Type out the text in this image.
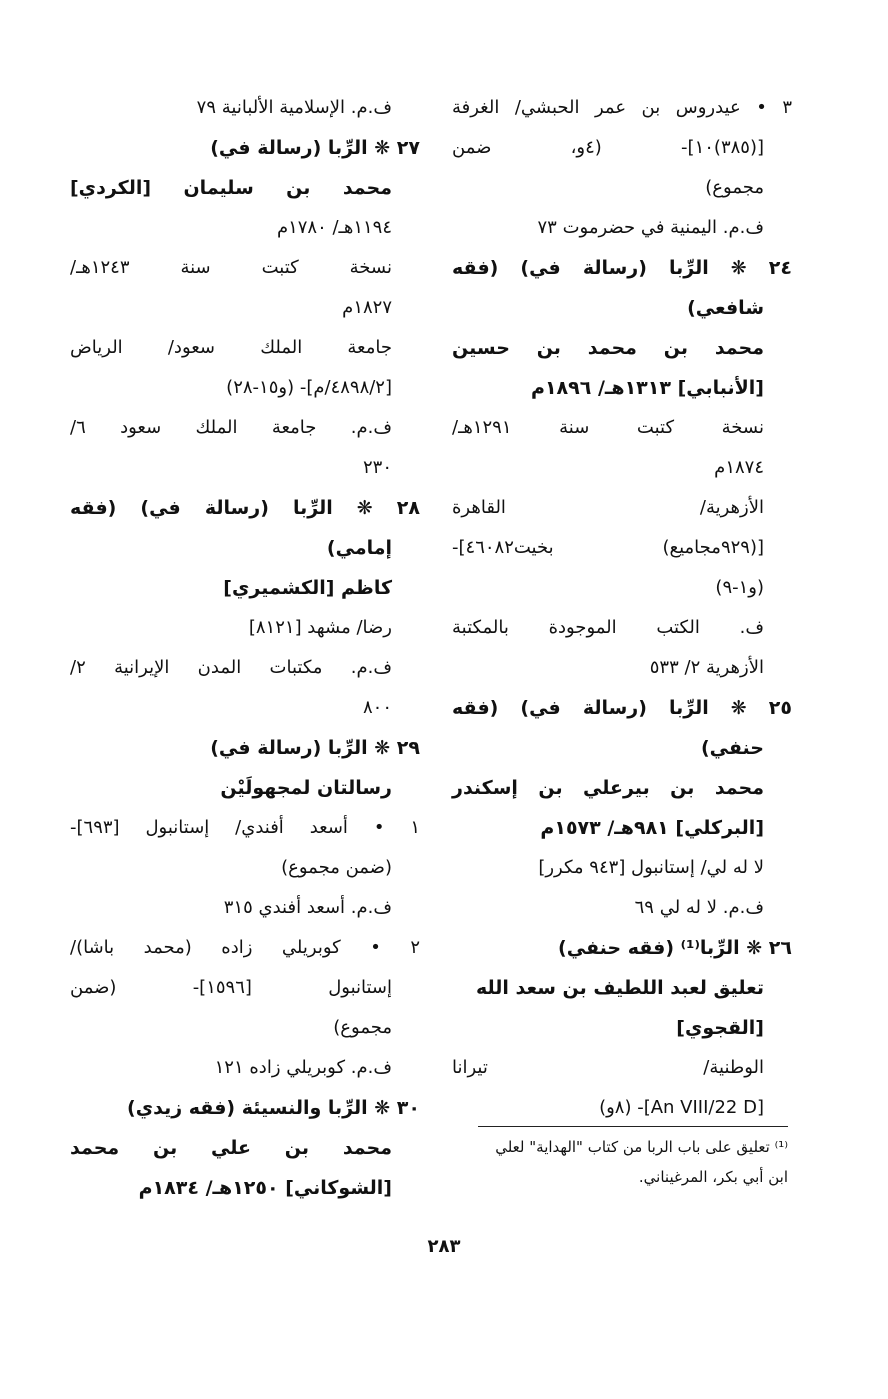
٣ • عيدروس بن عمر الحبشي/ الغرفة
[(٣٨٥)١٠]- (٤و، ضمن
مجموع)
ف.م. اليمنية في حضرموت ٧٣
٢٤ ❋ الرِّبا (رسالة في) (فقه
شافعي)
محمد بن محمد بن حسين
[الأنبابي] ١٣١٣هـ/ ١٨٩٦م
نسخة كتبت سنة ١٢٩١هـ/
١٨٧٤م
الأزهرية/ القاهرة
[(٩٢٩مجاميع) بخيت٤٦٠٨٢]-
(و١-٩)
ف. الكتب الموجودة بالمكتبة
الأزهرية ٢/ ٥٣٣
٢٥ ❋ الرِّبا (رسالة في) (فقه
حنفي)
محمد بن بيرعلي بن إسكندر
[البركلي] ٩٨١هـ/ ١٥٧٣م
لا له لي/ إستانبول [٩٤٣ مكرر]
ف.م. لا له لي ٦٩
٢٦ ❋ الرِّبا⁽¹⁾ (فقه حنفي)
تعليق لعبد اللطيف بن سعد الله
[القجوي]
الوطنية/ تيرانا
[An VIII/22 D]- (٨و)
ف.م. الإسلامية الألبانية ٧٩
٢٧ ❋ الرِّبا (رسالة في)
محمد بن سليمان [الكردي]
١١٩٤هـ/ ١٧٨٠م
نسخة كتبت سنة ١٢٤٣هـ/
١٨٢٧م
جامعة الملك سعود/ الرياض
[٤٨٩٨/٢/م]- (و١٥-٢٨)
ف.م. جامعة الملك سعود ٦/
٢٣٠
٢٨ ❋ الرِّبا (رسالة في) (فقه
إمامي)
كاظم [الكشميري]
رضا/ مشهد [٨١٢١]
ف.م. مكتبات المدن الإيرانية ٢/
٨٠٠
٢٩ ❋ الرِّبا (رسالة في)
رسالتان لمجهولَيْن
١ • أسعد أفندي/ إستانبول [٦٩٣]-
(ضمن مجموع)
ف.م. أسعد أفندي ٣١٥
٢ • كوبريلي زاده (محمد باشا)/
إستانبول [١٥٩٦]- (ضمن
مجموع)
ف.م. كوبريلي زاده ١٢١
٣٠ ❋ الرِّبا والنسيئة (فقه زيدي)
محمد بن علي بن محمد
[الشوكاني] ١٢٥٠هـ/ ١٨٣٤م
⁽¹⁾ تعليق على باب الربا من كتاب "الهداية" لعلي
ابن أبي بكر، المرغيناني.
٢٨٣
